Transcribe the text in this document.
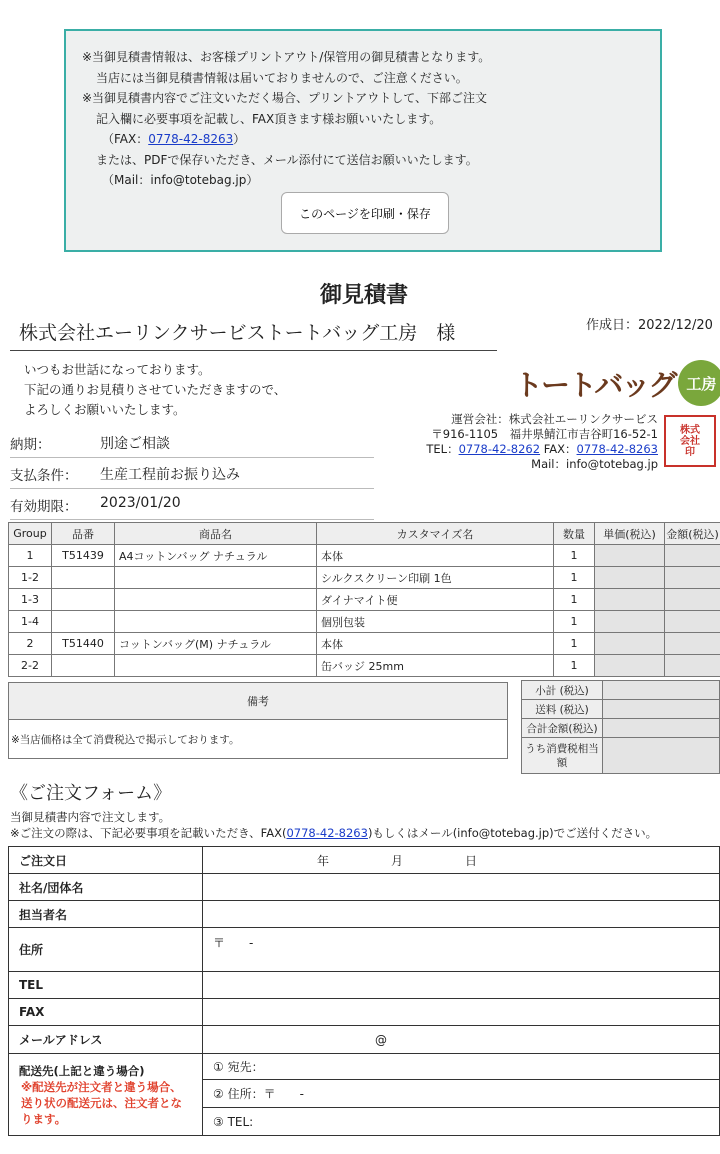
※当御見積書情報は、お客様プリントアウト/保管用の御見積書となります。

当店には当御見積書情報は届いておりませんので、ご注意ください。

※当御見積書内容でご注文いただく場合、プリントアウトして、下部ご注文

記入欄に必要事項を記載し、FAX頂きます様お願いいたします。

（FAX：0778-42-8263）

または、PDFで保存いただき、メール添付にて送信お願いいたします。

（Mail：info@totebag.jp）

このページを印刷・保存
御見積書
作成日：2022/12/20
株式会社エーリンクサービストートバッグ工房　様
いつもお世話になっております。
下記の通りお見積りさせていただきますので、
よろしくお願いいたします。
トートバッグ 工房
運営会社：株式会社エーリンクサービス
〒916-1105　福井県鯖江市吉谷町16-52-1
TEL：0778-42-8262 FAX：0778-42-8263
Mail：info@totebag.jp
株式
会社
印
納期：	別途ご相談
支払条件： 生産工程前お振り込み
有効期限： 2023/01/20
Group	品番	商品名	カスタマイズ名	数量	単価(税込)	金額(税込)
1	T51439	A4コットンバッグ ナチュラル	本体	1		
1-2			シルクスクリーン印刷 1色	1		
1-3			ダイナマイト便	1		
1-4			個別包装	1		
2	T51440	コットンバッグ(M) ナチュラル	本体	1		
2-2			缶バッジ 25mm	1		
備考
※当店価格は全て消費税込で掲示しております。
小計 (税込)	
送料 (税込)	
合計金額(税込)	
うち消費税相当額	
《ご注文フォーム》
当御見積書内容で注文します。
※ご注文の際は、下記必要事項を記載いただき、FAX(0778-42-8263)もしくはメール(info@totebag.jp)でご送付ください。
ご注文日	年 月 日
社名/団体名	
担当者名	
住所	〒　　-
TEL	
FAX	
メールアドレス	@

配送先(上記と違う場合)
※配送先が注文者と違う場合、送り状の配送元は、注文者となります。	① 宛先：
	② 住所：〒　　-
	③ TEL:
